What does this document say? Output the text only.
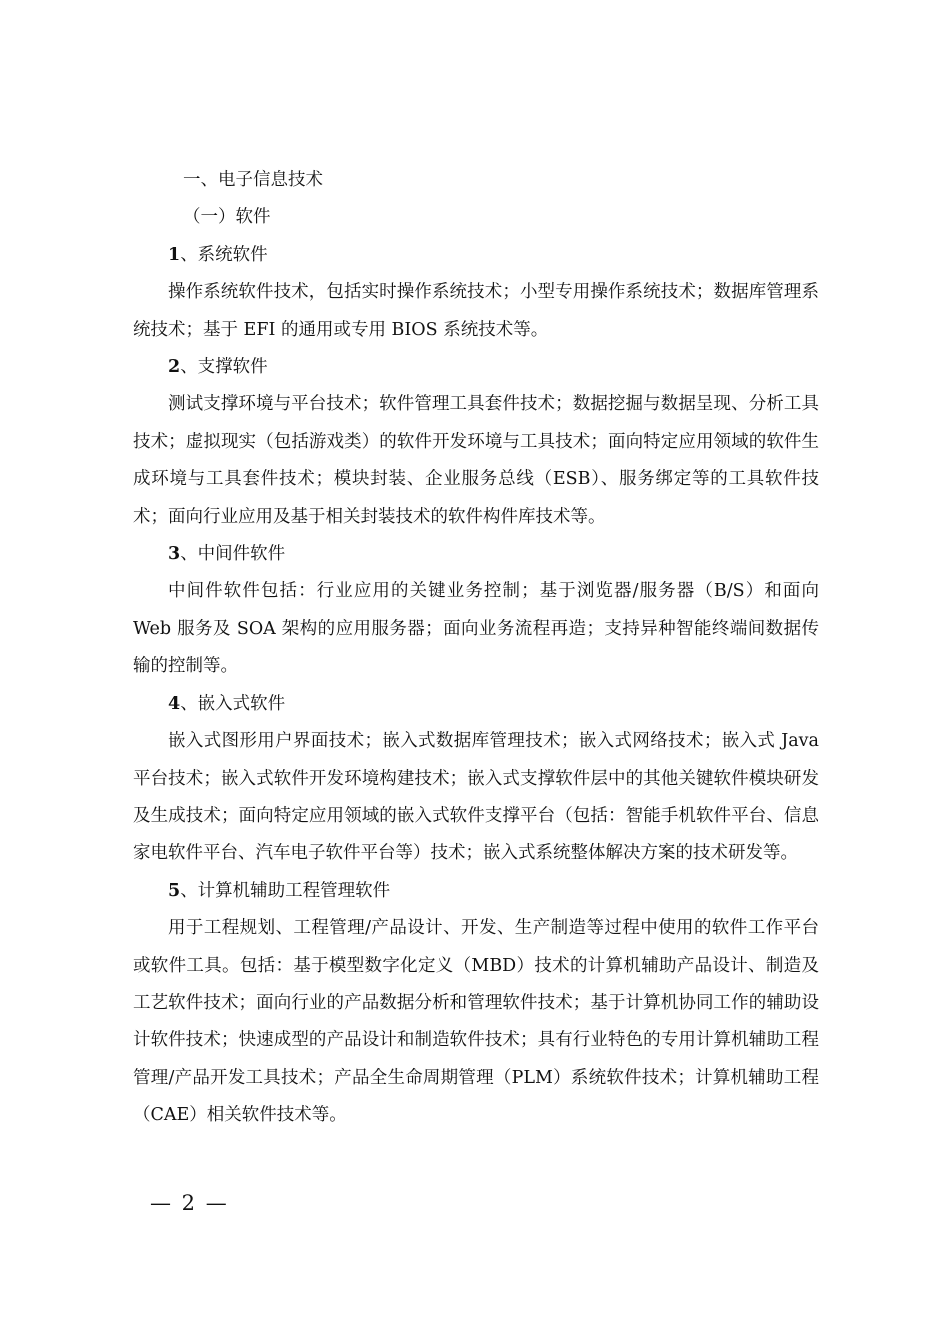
一、电子信息技术

（一）软件

1、系统软件

操作系统软件技术，包括实时操作系统技术；小型专用操作系统技术；数据库管理系统技术；基于 EFI 的通用或专用 BIOS 系统技术等。

2、支撑软件

测试支撑环境与平台技术；软件管理工具套件技术；数据挖掘与数据呈现、分析工具技术；虚拟现实（包括游戏类）的软件开发环境与工具技术；面向特定应用领域的软件生成环境与工具套件技术；模块封装、企业服务总线（ESB）、服务绑定等的工具软件技术；面向行业应用及基于相关封装技术的软件构件库技术等。

3、中间件软件

中间件软件包括：行业应用的关键业务控制；基于浏览器/服务器（B/S）和面向 Web 服务及 SOA 架构的应用服务器；面向业务流程再造；支持异种智能终端间数据传输的控制等。

4、嵌入式软件

嵌入式图形用户界面技术；嵌入式数据库管理技术；嵌入式网络技术；嵌入式 Java 平台技术；嵌入式软件开发环境构建技术；嵌入式支撑软件层中的其他关键软件模块研发及生成技术；面向特定应用领域的嵌入式软件支撑平台（包括：智能手机软件平台、信息家电软件平台、汽车电子软件平台等）技术；嵌入式系统整体解决方案的技术研发等。

5、计算机辅助工程管理软件

用于工程规划、工程管理/产品设计、开发、生产制造等过程中使用的软件工作平台或软件工具。包括：基于模型数字化定义（MBD）技术的计算机辅助产品设计、制造及工艺软件技术；面向行业的产品数据分析和管理软件技术；基于计算机协同工作的辅助设计软件技术；快速成型的产品设计和制造软件技术；具有行业特色的专用计算机辅助工程管理/产品开发工具技术；产品全生命周期管理（PLM）系统软件技术；计算机辅助工程（CAE）相关软件技术等。

— 2 —
